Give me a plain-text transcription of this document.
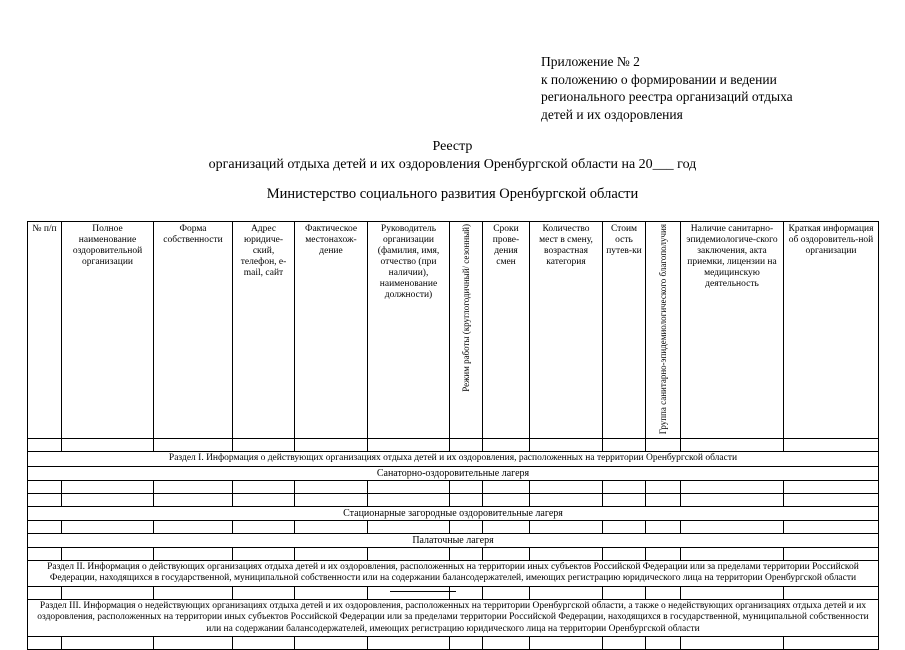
Приложение № 2
к положению о формировании и ведении
регионального реестра организаций отдыха
детей и их оздоровления
Реестр
организаций отдыха детей и их оздоровления Оренбургской области на 20___ год
Министерство социального развития Оренбургской области
№ п/п	Полное наименование оздоровительной организации	Форма собственности	Адрес юридиче-ский, телефон, e-mail, сайт	Фактическое местонахож-дение	Руководитель организации (фамилия, имя, отчество (при наличии), наименование должности)	Режим работы (круглогодичный/ сезонный)	Сроки прове-дения смен	Количество мест в смену, возрастная категория	Стоим ость путев-ки	Группа санитарно-эпидемиологического благополучия	Наличие санитарно-эпидемиологиче-ского заключения, акта приемки, лицензии на медицинскую деятельность	Краткая информация об оздоровитель-ной организации

Раздел I. Информация о действующих организациях отдыха детей и их оздоровления, расположенных на территории Оренбургской области												
Санаторно-оздоровительные лагеря												

Стационарные загородные оздоровительные лагеря												

Палаточные лагеря												

Раздел II. Информация о действующих организациях отдыха детей и их оздоровления, расположенных на территории иных субъектов Российской Федерации или за пределами территории Российской Федерации, находящихся в государственной, муниципальной собственности или на содержании балансодержателей, имеющих регистрацию юридического лица на территории Оренбургской области												

Раздел III. Информация о недействующих организациях отдыха детей и их оздоровления, расположенных на территории Оренбургской области, а также о недействующих организациях отдыха детей и их оздоровления, расположенных на территории иных субъектов Российской Федерации или за пределами территории Российской Федерации, находящихся в государственной, муниципальной собственности или на содержании балансодержателей, имеющих регистрацию юридического лица на территории Оренбургской области												
